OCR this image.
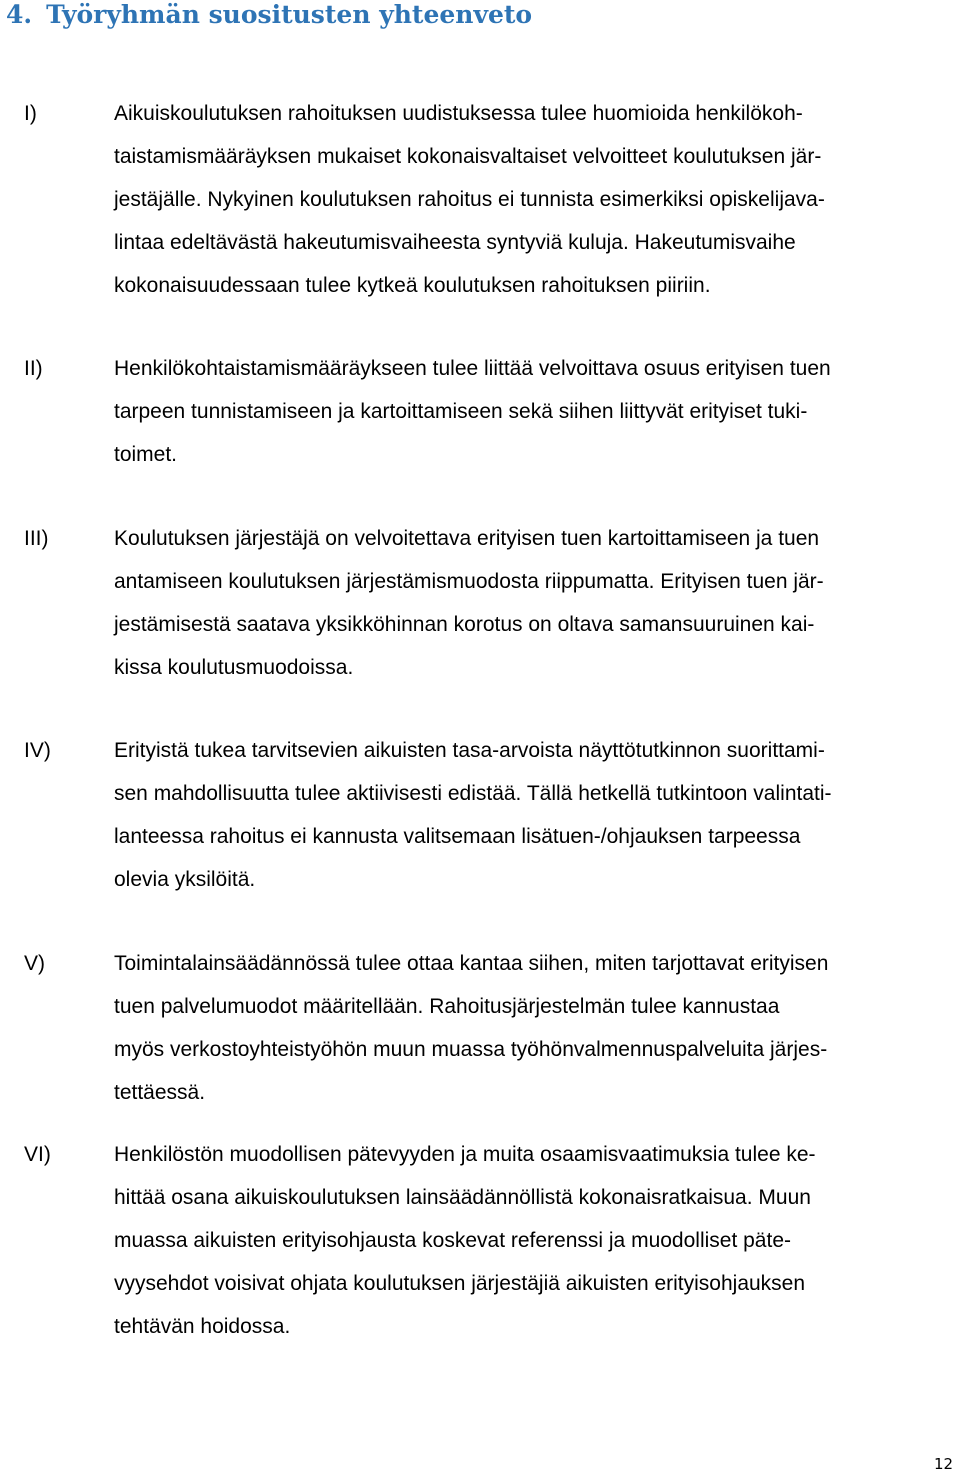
4. Työryhmän suositusten yhteenveto
I)	Aikuiskoulutuksen rahoituksen uudistuksessa tulee huomioida henkilökoh-
taistamismääräyksen mukaiset kokonaisvaltaiset velvoitteet koulutuksen jär-
jestäjälle. Nykyinen koulutuksen rahoitus ei tunnista esimerkiksi opiskelijava-
lintaa edeltävästä hakeutumisvaiheesta syntyviä kuluja. Hakeutumisvaihe
kokonaisuudessaan tulee kytkeä koulutuksen rahoituksen piiriin.
II)	Henkilökohtaistamismääräykseen tulee liittää velvoittava osuus erityisen tuen
tarpeen tunnistamiseen ja kartoittamiseen sekä siihen liittyvät erityiset tuki-
toimet.
III)	Koulutuksen järjestäjä on velvoitettava erityisen tuen kartoittamiseen ja tuen
antamiseen koulutuksen järjestämismuodosta riippumatta. Erityisen tuen jär-
jestämisestä saatava yksikköhinnan korotus on oltava samansuuruinen kai-
kissa koulutusmuodoissa.
IV)	Erityistä tukea tarvitsevien aikuisten tasa-arvoista näyttötutkinnon suorittami-
sen mahdollisuutta tulee aktiivisesti edistää. Tällä hetkellä tutkintoon valintati-
lanteessa rahoitus ei kannusta valitsemaan lisätuen-/ohjauksen tarpeessa
olevia yksilöitä.
V)	Toimintalainsäädännössä tulee ottaa kantaa siihen, miten tarjottavat erityisen
tuen palvelumuodot määritellään. Rahoitusjärjestelmän tulee kannustaa
myös verkostoyhteistyöhön muun muassa työhönvalmennuspalveluita järjes-
tettäessä.
VI)	Henkilöstön muodollisen pätevyyden ja muita osaamisvaatimuksia tulee ke-
hittää osana aikuiskoulutuksen lainsäädännöllistä kokonaisratkaisua. Muun
muassa aikuisten erityisohjausta koskevat referenssi ja muodolliset päte-
vyysehdot voisivat ohjata koulutuksen järjestäjiä aikuisten erityisohjauksen
tehtävän hoidossa.
12
